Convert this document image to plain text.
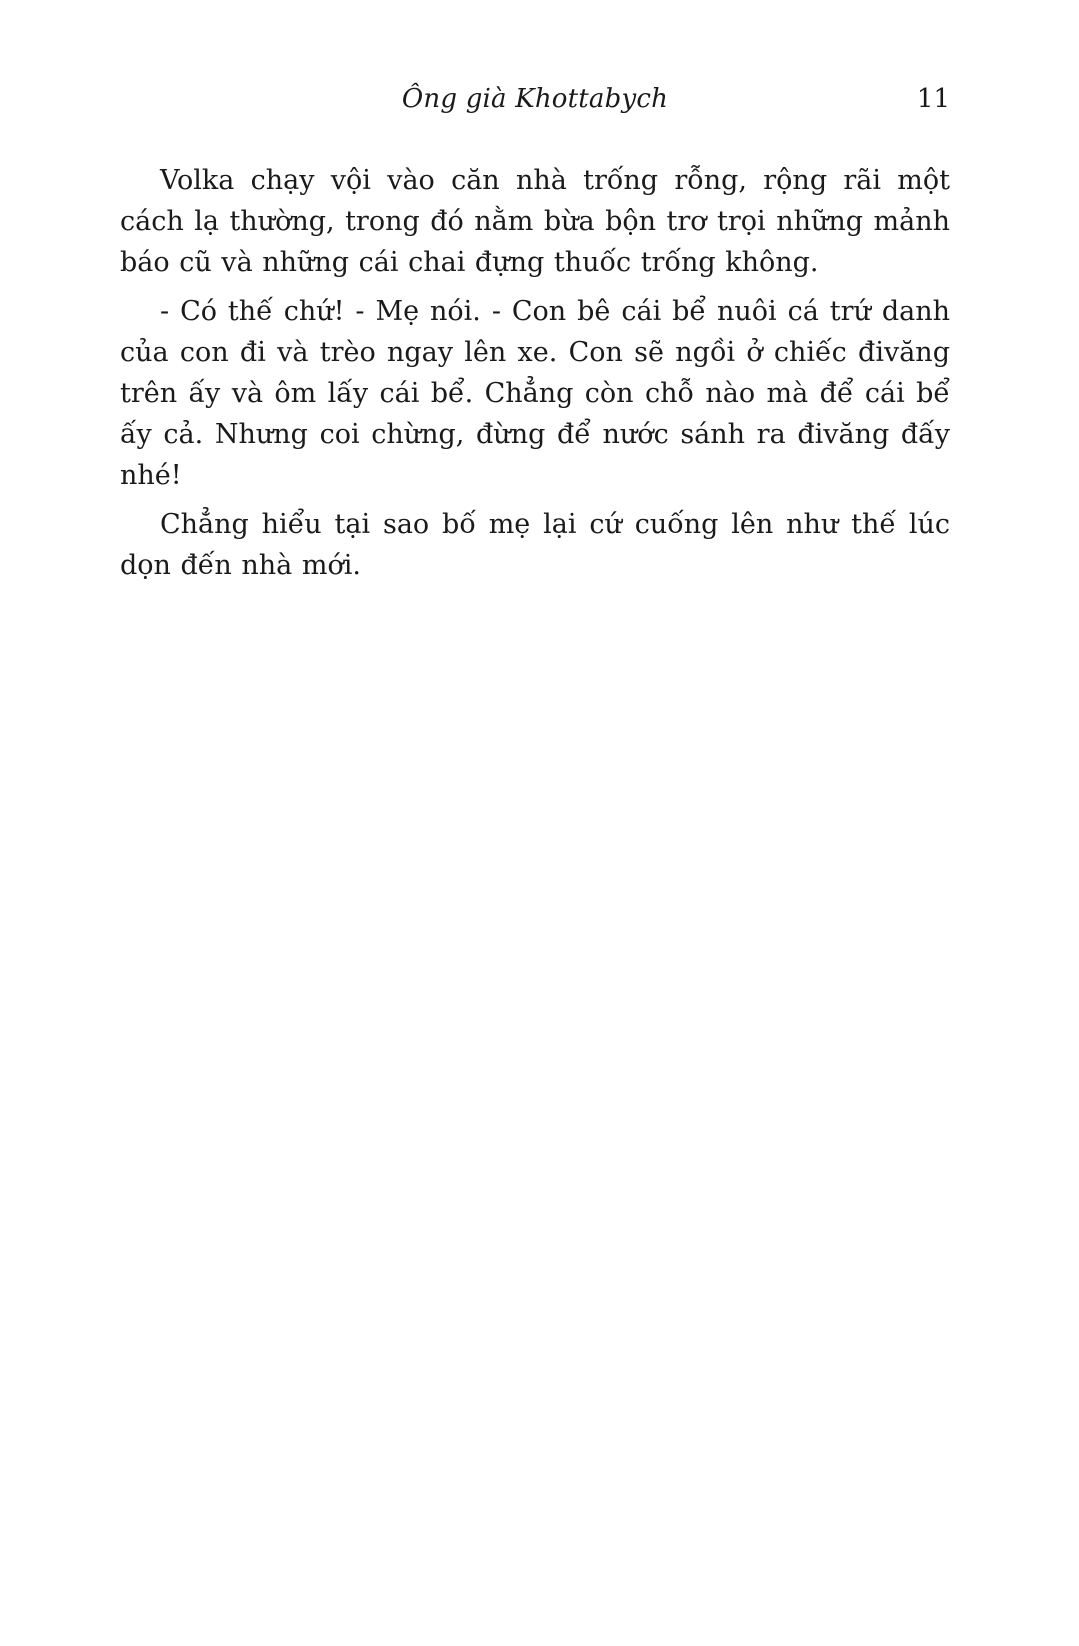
Ông già Khottabych	11

Volka chạy vội vào căn nhà trống rỗng, rộng rãi một cách lạ thường, trong đó nằm bừa bộn trơ trọi những mảnh báo cũ và những cái chai đựng thuốc trống không.

- Có thế chứ! - Mẹ nói. - Con bê cái bể nuôi cá trứ danh của con đi và trèo ngay lên xe. Con sẽ ngồi ở chiếc đivăng trên ấy và ôm lấy cái bể. Chẳng còn chỗ nào mà để cái bể ấy cả. Nhưng coi chừng, đừng để nước sánh ra đivăng đấy nhé!

Chẳng hiểu tại sao bố mẹ lại cứ cuống lên như thế lúc dọn đến nhà mới.
